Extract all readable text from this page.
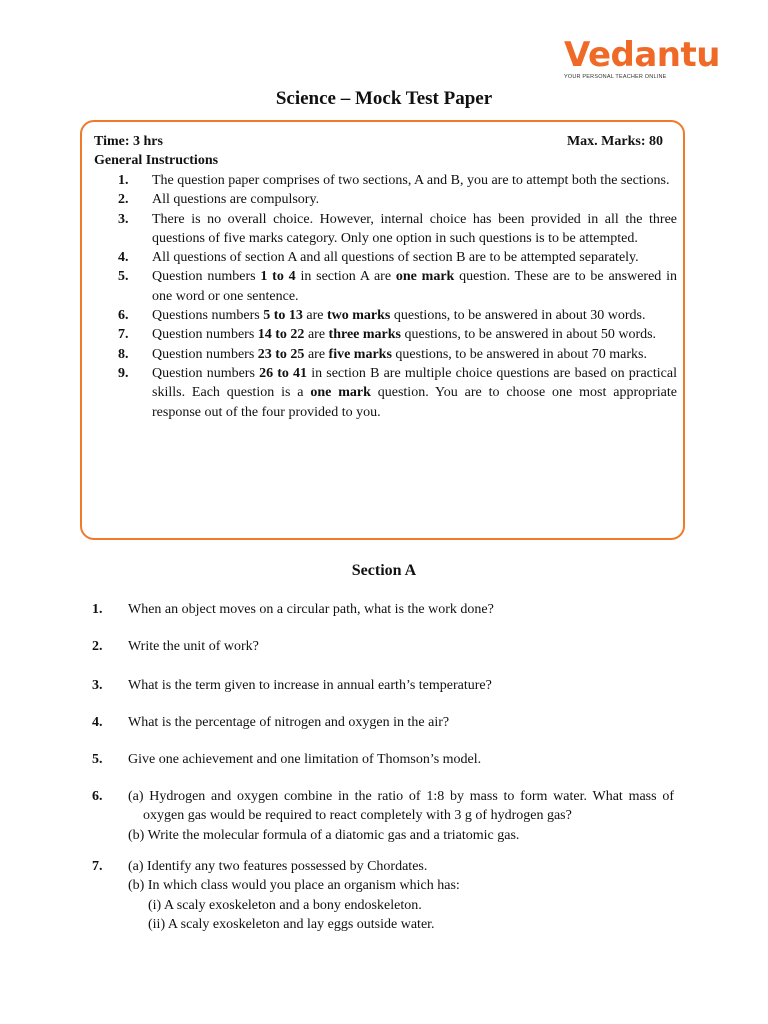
Vedantu
YOUR PERSONAL TEACHER ONLINE
Science – Mock Test Paper
Time: 3 hrs	Max. Marks: 80
General Instructions
1. The question paper comprises of two sections, A and B, you are to attempt both the sections.
2. All questions are compulsory.
3. There is no overall choice. However, internal choice has been provided in all the three questions of five marks category. Only one option in such questions is to be attempted.
4. All questions of section A and all questions of section B are to be attempted separately.
5. Question numbers 1 to 4 in section A are one mark question. These are to be answered in one word or one sentence.
6. Questions numbers 5 to 13 are two marks questions, to be answered in about 30 words.
7. Question numbers 14 to 22 are three marks questions, to be answered in about 50 words.
8. Question numbers 23 to 25 are five marks questions, to be answered in about 70 marks.
9. Question numbers 26 to 41 in section B are multiple choice questions are based on practical skills. Each question is a one mark question. You are to choose one most appropriate response out of the four provided to you.
Section A
1. When an object moves on a circular path, what is the work done?
2. Write the unit of work?
3. What is the term given to increase in annual earth’s temperature?
4. What is the percentage of nitrogen and oxygen in the air?
5. Give one achievement and one limitation of Thomson’s model.
6. (a) Hydrogen and oxygen combine in the ratio of 1:8 by mass to form water. What mass of oxygen gas would be required to react completely with 3 g of hydrogen gas?
(b) Write the molecular formula of a diatomic gas and a triatomic gas.
7. (a) Identify any two features possessed by Chordates.
(b) In which class would you place an organism which has:
(i) A scaly exoskeleton and a bony endoskeleton.
(ii) A scaly exoskeleton and lay eggs outside water.
